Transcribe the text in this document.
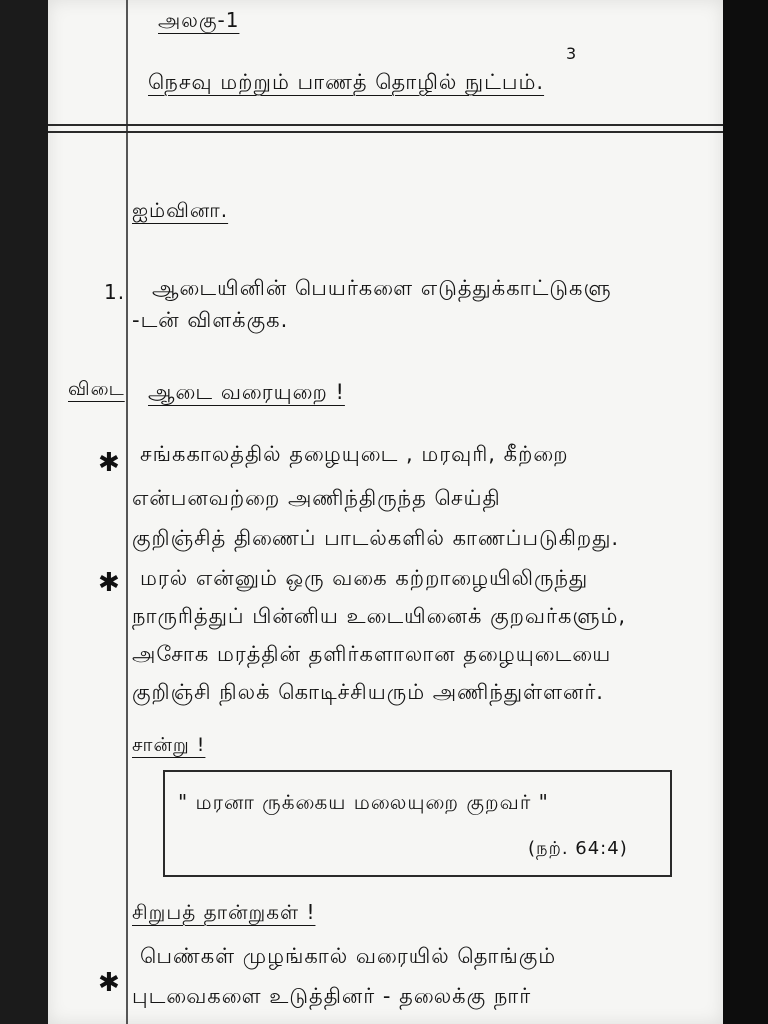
அலகு-1
3
நெசவு மற்றும் பாணத் தொழில் நுட்பம்.
ஐம்வினா.
1. ஆடையினின் பெயர்களை எடுத்துக்காட்டுகளு
-டன் விளக்குக.
விடை ஆடை வரையுறை !
✱ சங்ககாலத்தில் தழையுடை , மரவுரி, கீற்றை
என்பனவற்றை அணிந்திருந்த செய்தி
குறிஞ்சித் திணைப் பாடல்களில் காணப்படுகிறது.
✱ மரல் என்னும் ஒரு வகை கற்றாழையிலிருந்து
நாருரித்துப் பின்னிய உடையினைக் குறவர்களும்,
அசோக மரத்தின் தளிர்களாலான தழையுடையை
குறிஞ்சி நிலக் கொடிச்சியரும் அணிந்துள்ளனர்.
சான்று !
" மரனா ருக்கைய மலையுறை குறவர் "
(நற். 64:4)
சிறுபத் தான்றுகள் !
✱
பெண்கள் முழங்கால் வரையில் தொங்கும்
புடவைகளை உடுத்தினர் - தலைக்கு நார்
